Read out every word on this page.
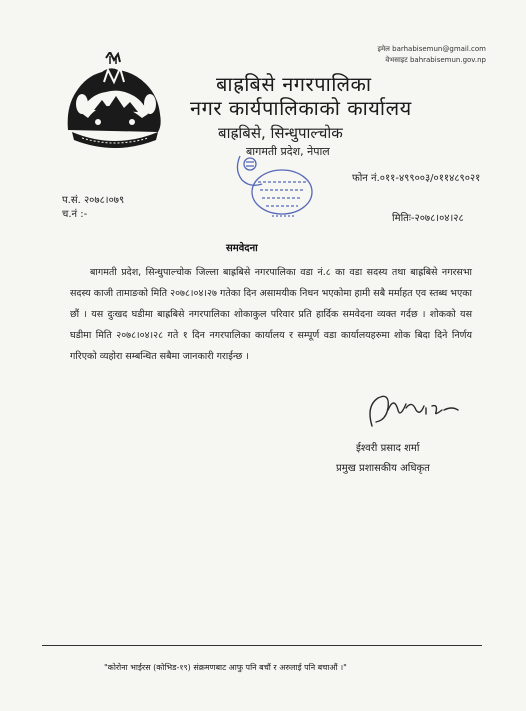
इमेल barhabisemun@gmail.com
वेभसाइट bahrabisemun.gov.np
बाह्रबिसे नगरपालिका
नगर कार्यपालिकाको कार्यालय
बाह्रबिसे, सिन्धुपाल्चोक
बागमती प्रदेश, नेपाल
फोन नं.०११-४९९००३/०११४८९०२१
प.सं. २०७८।०७९
च.नं :-	मितिः-२०७८।०४।२८
समवेदना
बागमती प्रदेश, सिन्धुपाल्चोक जिल्ला बाह्रबिसे नगरपालिका वडा नं.८ का वडा सदस्य तथा बाह्रबिसे नगरसभा सदस्य काजी तामाङको मिति २०७८।०४।२७ गतेका दिन असामयीक निधन भएकोमा हामी सबै मर्माहत एव स्तब्ध भएका छौं । यस दुःखद घडीमा बाह्रबिसे नगरपालिका शोकाकुल परिवार प्रति हार्दिक समवेदना व्यक्त गर्दछ । शोकको यस घडीमा मिति २०७८।०४।२८ गते १ दिन नगरपालिका कार्यालय र सम्पूर्ण वडा कार्यालयहरुमा शोक बिदा दिने निर्णय गरिएको व्यहोरा सम्बन्धित सबैमा जानकारी गराईन्छ ।
ईश्वरी प्रसाद शर्मा
प्रमुख प्रशासकीय अधिकृत
"कोरोना भाईरस (कोभिड-१९) संक्रमणबाट आफु पनि बचौं र अरुलाई पनि बचाऔं ।"
